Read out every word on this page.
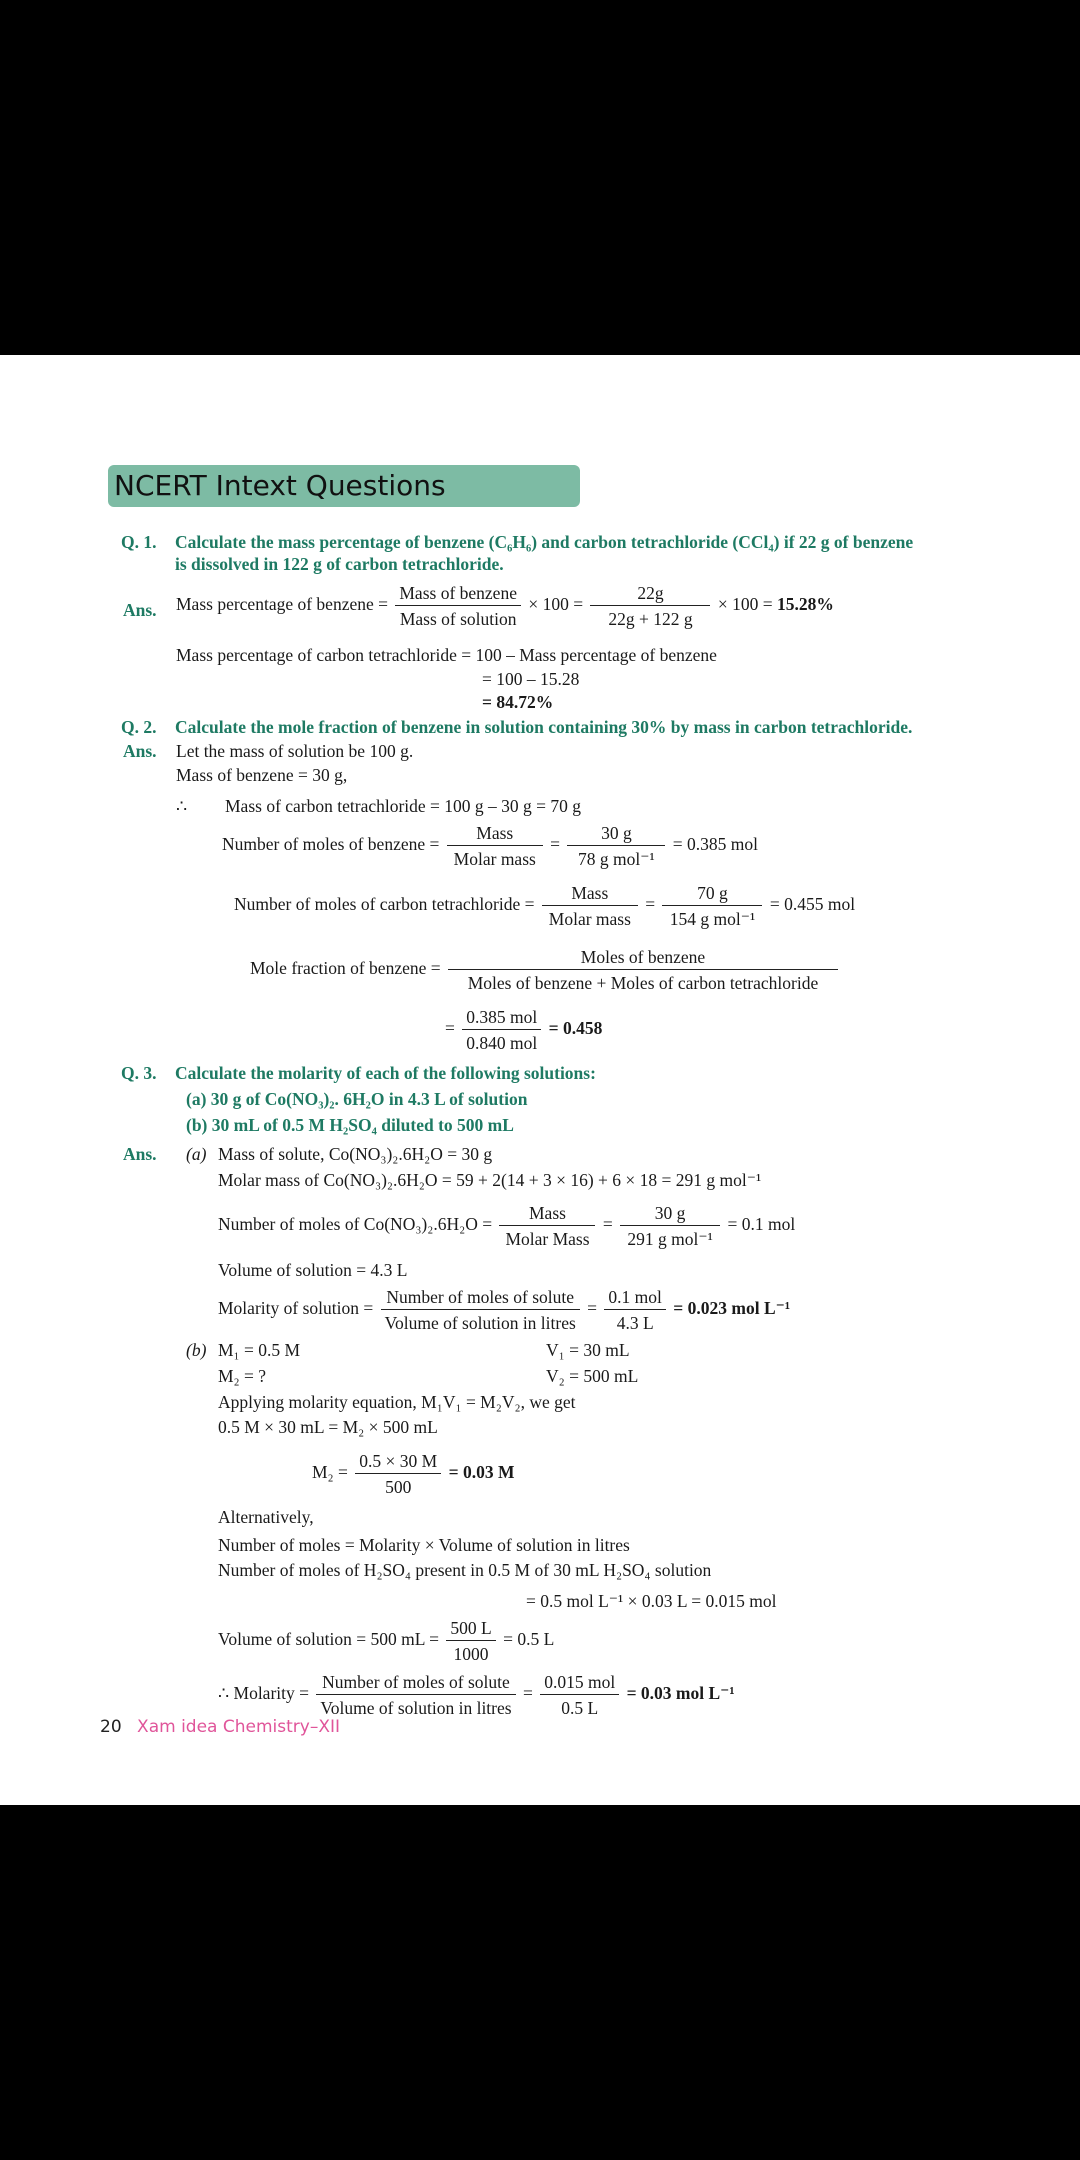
NCERT Intext Questions
Q. 1. Calculate the mass percentage of benzene (C₆H₆) and carbon tetrachloride (CCl₄) if 22 g of benzene
is dissolved in 122 g of carbon tetrachloride.
Ans. Mass percentage of benzene = $\frac{\text{Mass of benzene}}{\text{Mass of solution}} \times 100 = \frac{22g}{22g + 122 g} \times 100 = 15.28\%$
Mass percentage of carbon tetrachloride = 100 – Mass percentage of benzene
= 100 – 15.28
= 84.72%
Q. 2. Calculate the mole fraction of benzene in solution containing 30% by mass in carbon tetrachloride.
Ans. Let the mass of solution be 100 g.
Mass of benzene = 30 g,
∴ Mass of carbon tetrachloride = 100 g – 30 g = 70 g
Number of moles of benzene = $\frac{\text{Mass}}{\text{Molar mass}} = \frac{30 g}{\text{78 g mol⁻¹}} = 0.385$ mol
Number of moles of carbon tetrachloride = $\frac{\text{Mass}}{\text{Molar mass}} = \frac{70 g}{\text{154 g mol⁻¹}} = 0.455$ mol
Mole fraction of benzene = $\frac{\text{Moles of benzene}}{\text{Moles of benzene + Moles of carbon tetrachloride}}$
= $\frac{\text{0.385 mol}}{\text{0.840 mol}} = 0.458$
Q. 3. Calculate the molarity of each of the following solutions:
(a) 30 g of Co(NO₃)₂. 6H₂O in 4.3 L of solution
(b) 30 mL of 0.5 M H₂SO₄ diluted to 500 mL
Ans. (a) Mass of solute, Co(NO₃)₂.6H₂O = 30 g
Molar mass of Co(NO₃)₂.6H₂O = 59 + 2(14 + 3 × 16) + 6 × 18 = 291 g mol⁻¹
Number of moles of $Co(NO_3)_2.6H_2O = \frac{\text{Mass}}{\text{Molar Mass}} = \frac{30 g}{\text{291 g mol⁻¹}} = 0.1$ mol
Volume of solution = 4.3 L
Molarity of solution = $\frac{\text{Number of moles of solute}}{\text{Volume of solution in litres}} = \frac{\text{0.1 mol}}{4.3 L} = 0.023$ mol L⁻¹
(b) M₁ = 0.5 M	V₁ = 30 mL
M₂ = ?	V₂ = 500 mL
Applying molarity equation, M₁V₁ = M₂V₂, we get
0.5 M × 30 mL = M₂ × 500 mL
$M_2 = \frac{0.5 \times 30 M}{500} = 0.03$ M
Alternatively,
Number of moles = Molarity × Volume of solution in litres
Number of moles of H₂SO₄ present in 0.5 M of 30 mL H₂SO₄ solution
= 0.5 mol L⁻¹ × 0.03 L = 0.015 mol
Volume of solution = 500 mL = $\frac{500 L}{1000} = 0.5$ L
∴ Molarity = $\frac{\text{Number of moles of solute}}{\text{Volume of solution in litres}} = \frac{\text{0.015 mol}}{0.5 L} = 0.03$ mol L⁻¹
20 Xam idea Chemistry–XII
